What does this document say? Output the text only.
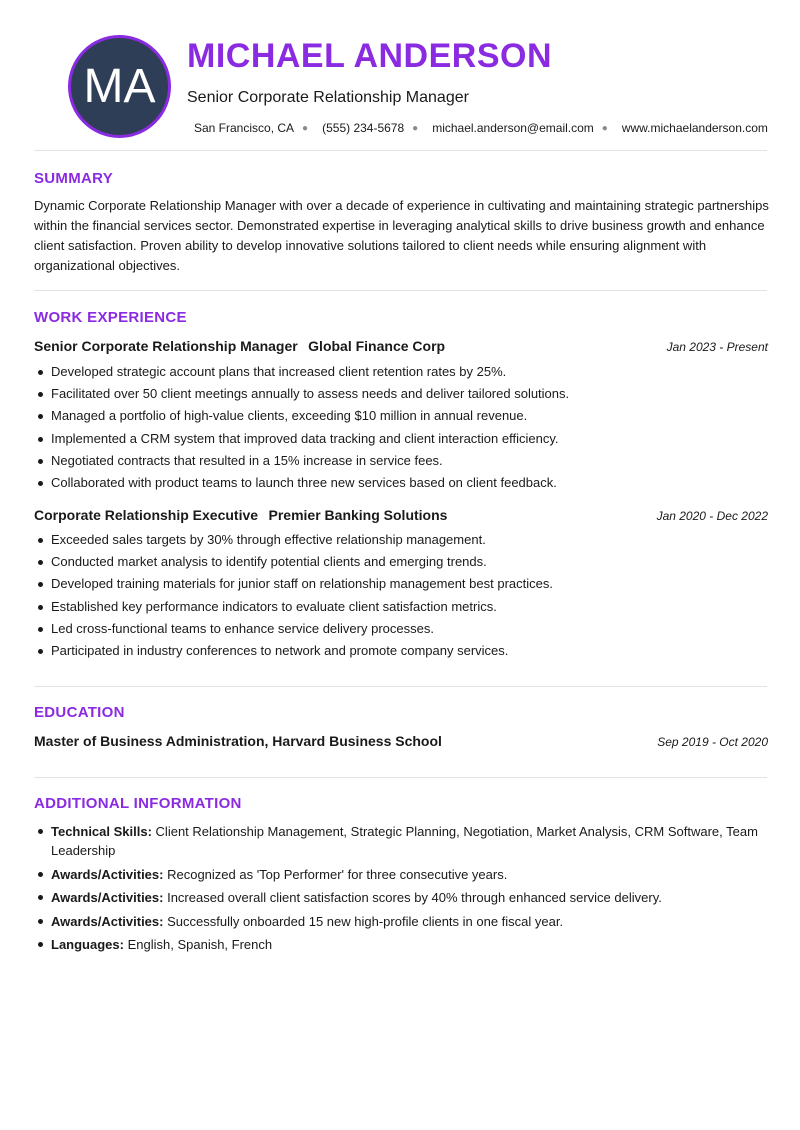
MA
MICHAEL ANDERSON
Senior Corporate Relationship Manager
San Francisco, CA ● (555) 234-5678 ● michael.anderson@email.com ● www.michaelanderson.com
SUMMARY

Dynamic Corporate Relationship Manager with over a decade of experience in cultivating and maintaining strategic partnerships within the financial services sector. Demonstrated expertise in leveraging analytical skills to drive business growth and enhance client satisfaction. Proven ability to develop innovative solutions tailored to client needs while ensuring alignment with organizational objectives.

WORK EXPERIENCE
Senior Corporate Relationship Manager Global Finance Corp	Jan 2023 - Present
Developed strategic account plans that increased client retention rates by 25%.
Facilitated over 50 client meetings annually to assess needs and deliver tailored solutions.
Managed a portfolio of high-value clients, exceeding $10 million in annual revenue.
Implemented a CRM system that improved data tracking and client interaction efficiency.
Negotiated contracts that resulted in a 15% increase in service fees.
Collaborated with product teams to launch three new services based on client feedback.
Corporate Relationship Executive Premier Banking Solutions	Jan 2020 - Dec 2022
Exceeded sales targets by 30% through effective relationship management.
Conducted market analysis to identify potential clients and emerging trends.
Developed training materials for junior staff on relationship management best practices.
Established key performance indicators to evaluate client satisfaction metrics.
Led cross-functional teams to enhance service delivery processes.
Participated in industry conferences to network and promote company services.
EDUCATION
Master of Business Administration, Harvard Business School	Sep 2019 - Oct 2020
ADDITIONAL INFORMATION
Technical Skills: Client Relationship Management, Strategic Planning, Negotiation, Market Analysis, CRM Software, Team Leadership
Awards/Activities: Recognized as 'Top Performer' for three consecutive years.
Awards/Activities: Increased overall client satisfaction scores by 40% through enhanced service delivery.
Awards/Activities: Successfully onboarded 15 new high-profile clients in one fiscal year.
Languages: English, Spanish, French
